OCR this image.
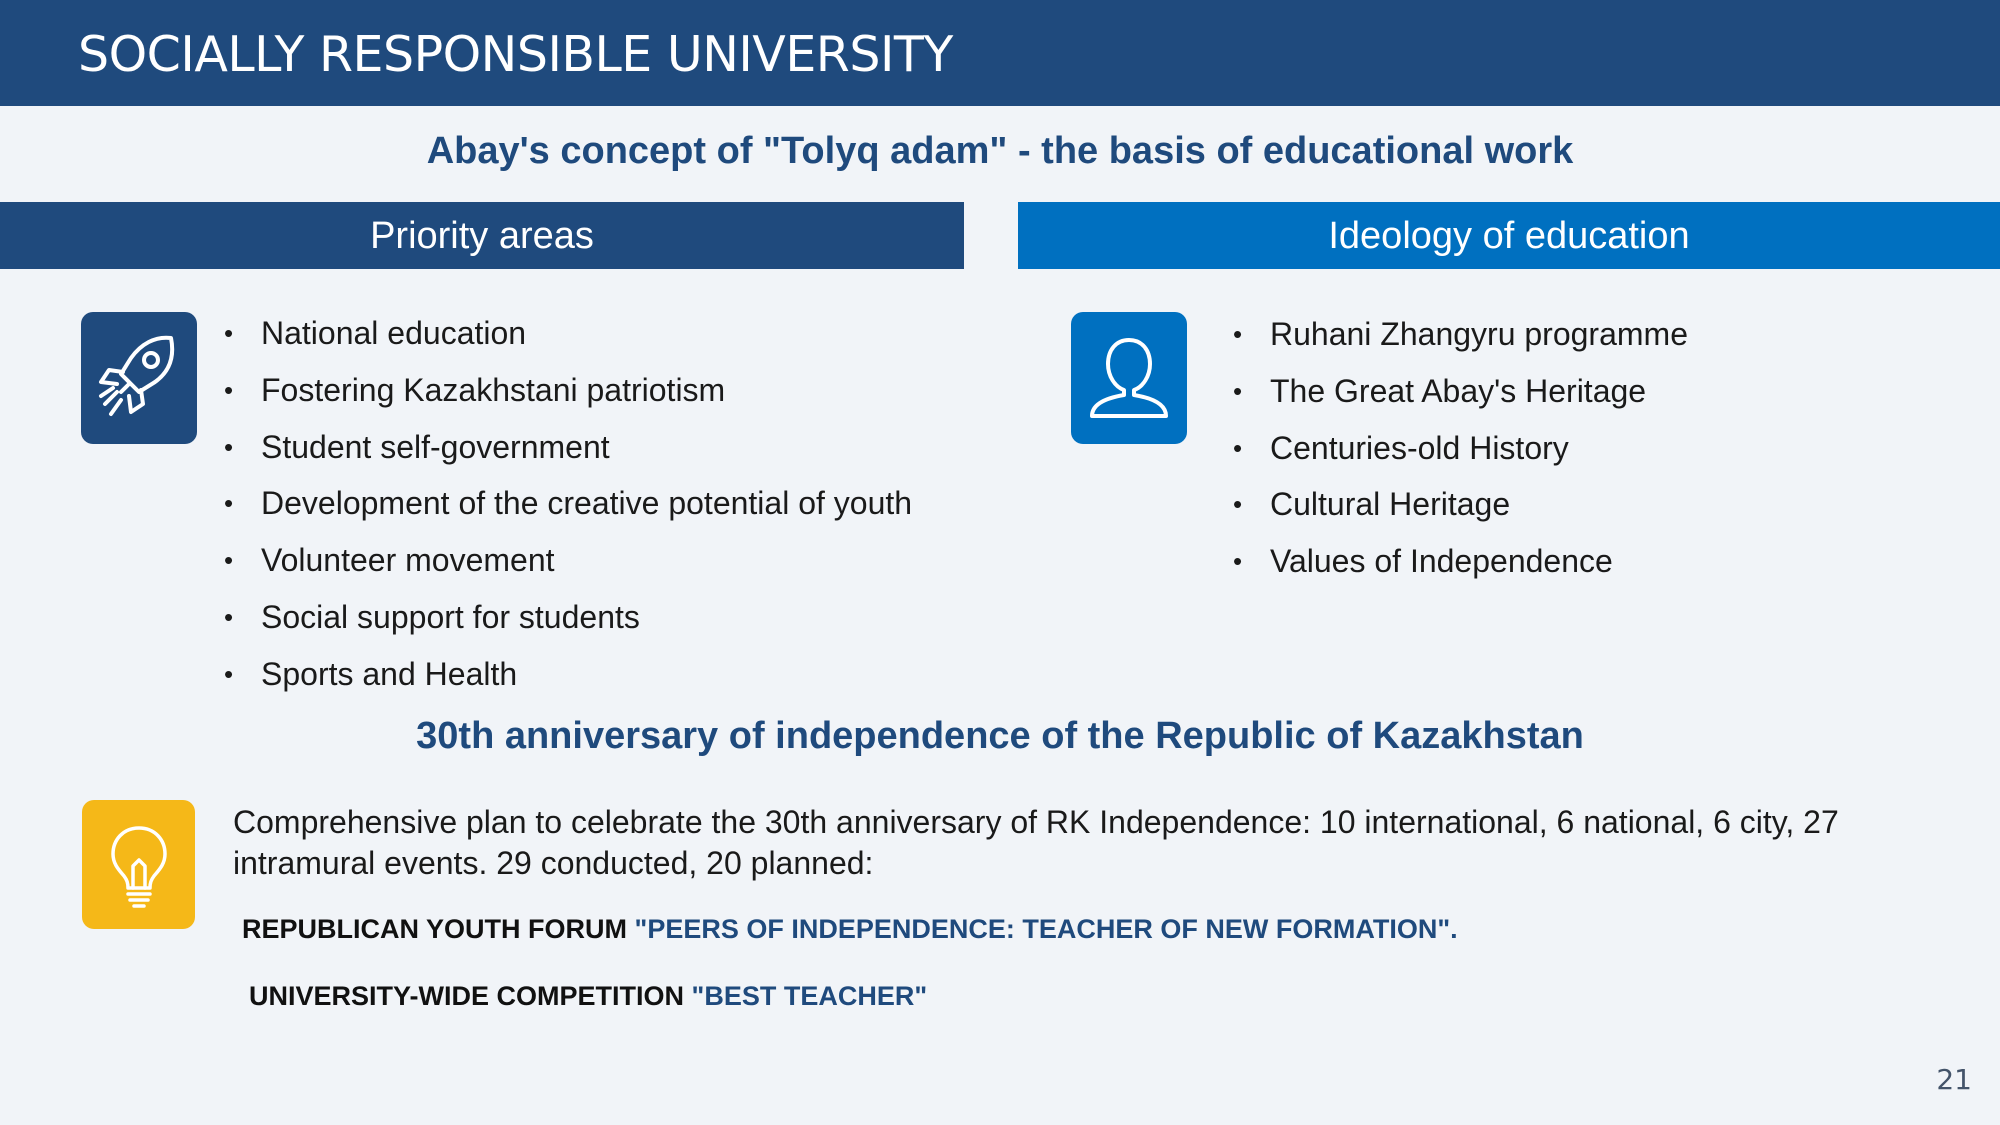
SOCIALLY RESPONSIBLE UNIVERSITY
Abay's concept of "Tolyq adam" - the basis of educational work
Priority areas	Ideology of education
• National education
• Fostering Kazakhstani patriotism
• Student self-government
• Development of the creative potential of youth
• Volunteer movement
• Social support for students
• Sports and Health
• Ruhani Zhangyru programme
• The Great Abay's Heritage
• Centuries-old History
• Cultural Heritage
• Values of Independence
30th anniversary of independence of the Republic of Kazakhstan
Comprehensive plan to celebrate the 30th anniversary of RK Independence: 10 international, 6 national, 6 city, 27 intramural events. 29 conducted, 20 planned:
REPUBLICAN YOUTH FORUM "PEERS OF INDEPENDENCE: TEACHER OF NEW FORMATION".
UNIVERSITY-WIDE COMPETITION "BEST TEACHER"
21
